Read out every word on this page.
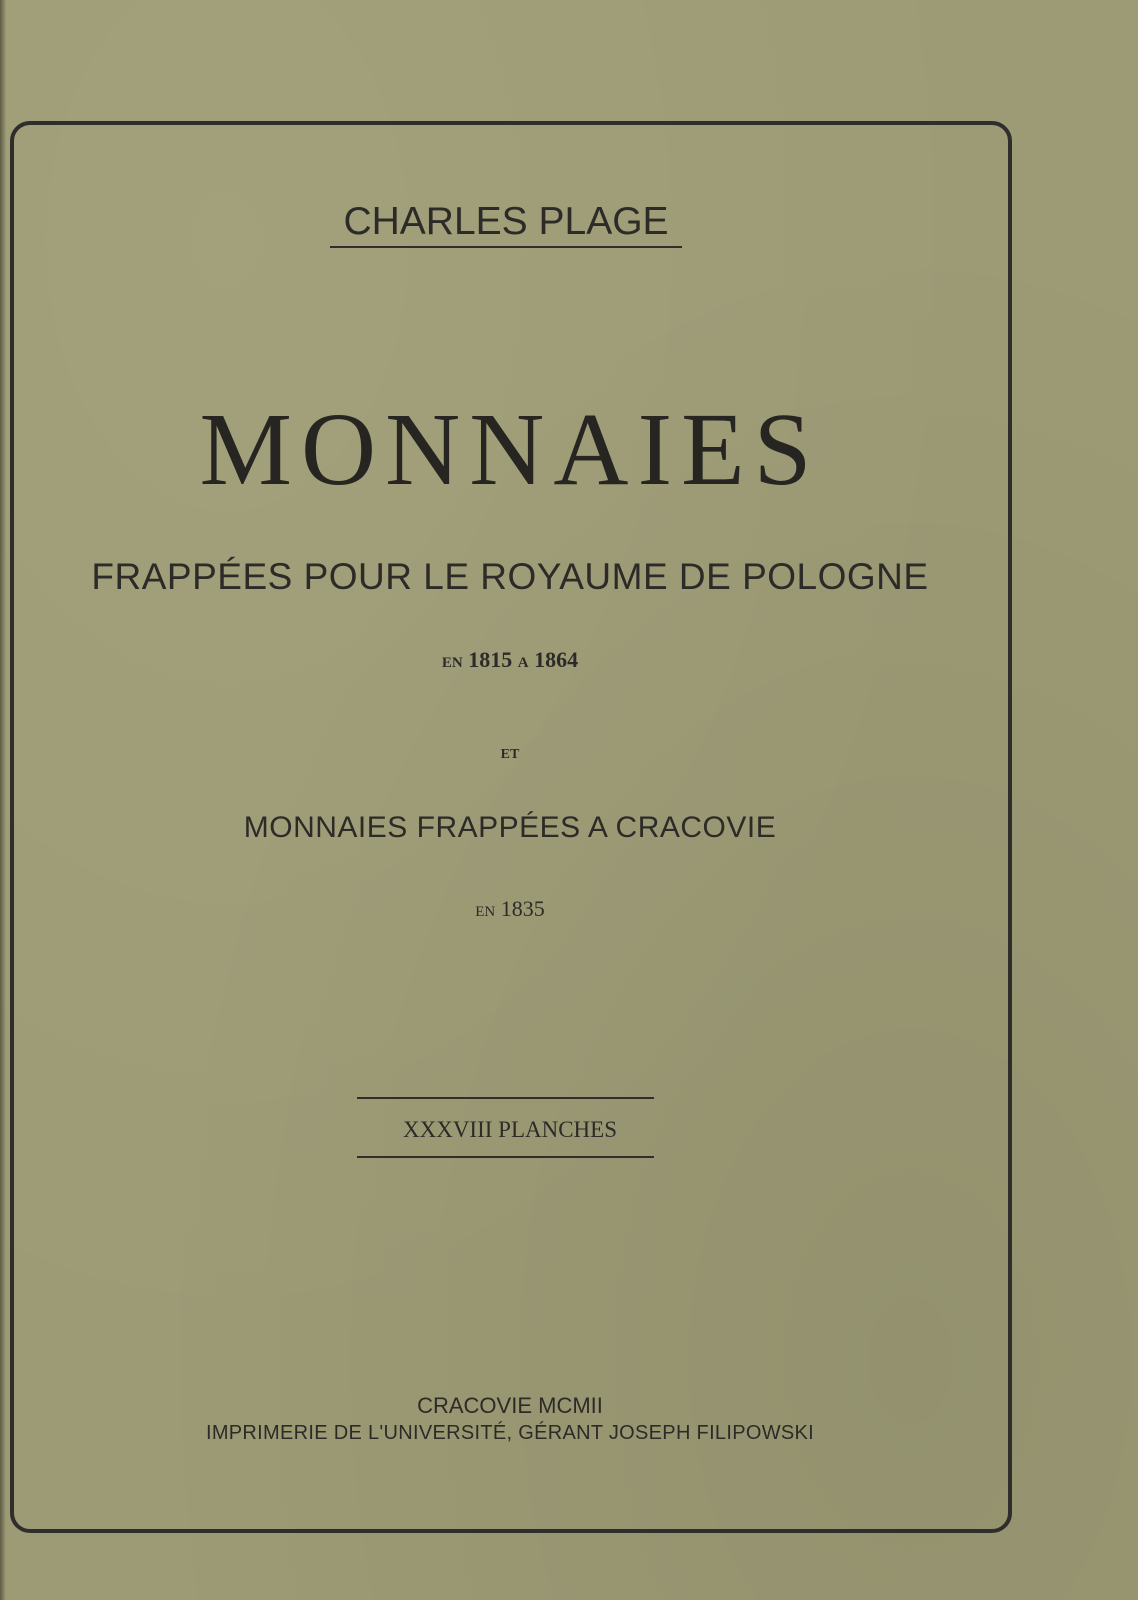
CHARLES PLAGE
MONNAIES
FRAPPÉES POUR LE ROYAUME DE POLOGNE
EN 1815 A 1864
ET
MONNAIES FRAPPÉES A CRACOVIE
EN 1835
XXXVIII PLANCHES
CRACOVIE MCMII
IMPRIMERIE DE L'UNIVERSITÉ, GÉRANT JOSEPH FILIPOWSKI
